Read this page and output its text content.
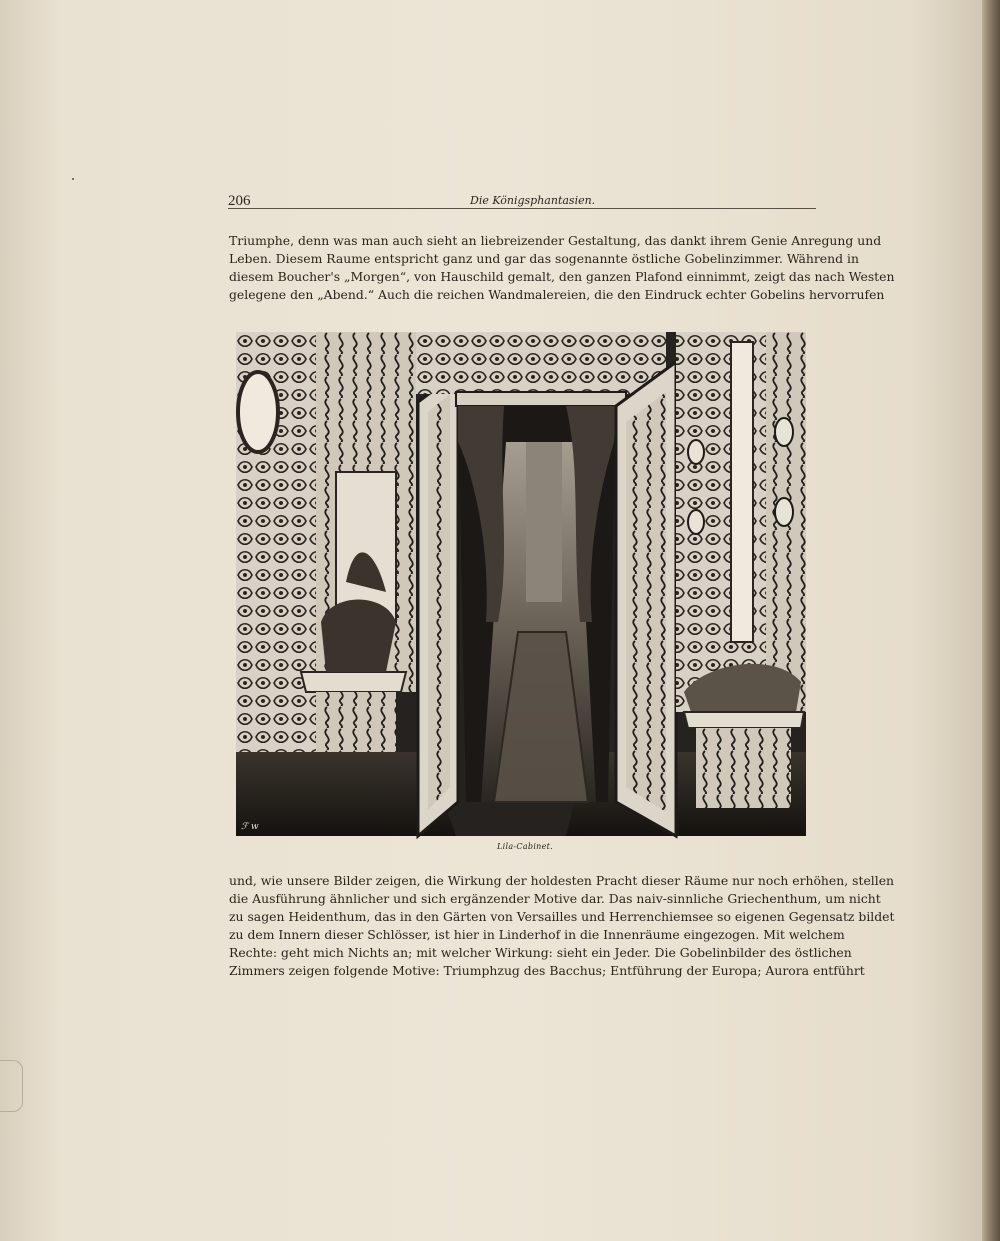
206	Die Königsphantasien.
Triumphe, denn was man auch sieht an liebreizender Gestaltung, das dankt ihrem Genie Anregung und
Leben. Diesem Raume entspricht ganz und gar das sogenannte östliche Gobelinzimmer. Während in
diesem Boucher's „Morgen“, von Hauschild gemalt, den ganzen Plafond einnimmt, zeigt das nach Westen
gelegene den „Abend.“ Auch die reichen Wandmalereien, die den Eindruck echter Gobelins hervorrufen
ℱ w
Lila-Cabinet.
und, wie unsere Bilder zeigen, die Wirkung der holdesten Pracht dieser Räume nur noch erhöhen, stellen
die Ausführung ähnlicher und sich ergänzender Motive dar. Das naiv-sinnliche Griechenthum, um nicht
zu sagen Heidenthum, das in den Gärten von Versailles und Herrenchiemsee so eigenen Gegensatz bildet
zu dem Innern dieser Schlösser, ist hier in Linderhof in die Innenräume eingezogen. Mit welchem
Rechte: geht mich Nichts an; mit welcher Wirkung: sieht ein Jeder. Die Gobelinbilder des östlichen
Zimmers zeigen folgende Motive: Triumphzug des Bacchus; Entführung der Europa; Aurora entführt
